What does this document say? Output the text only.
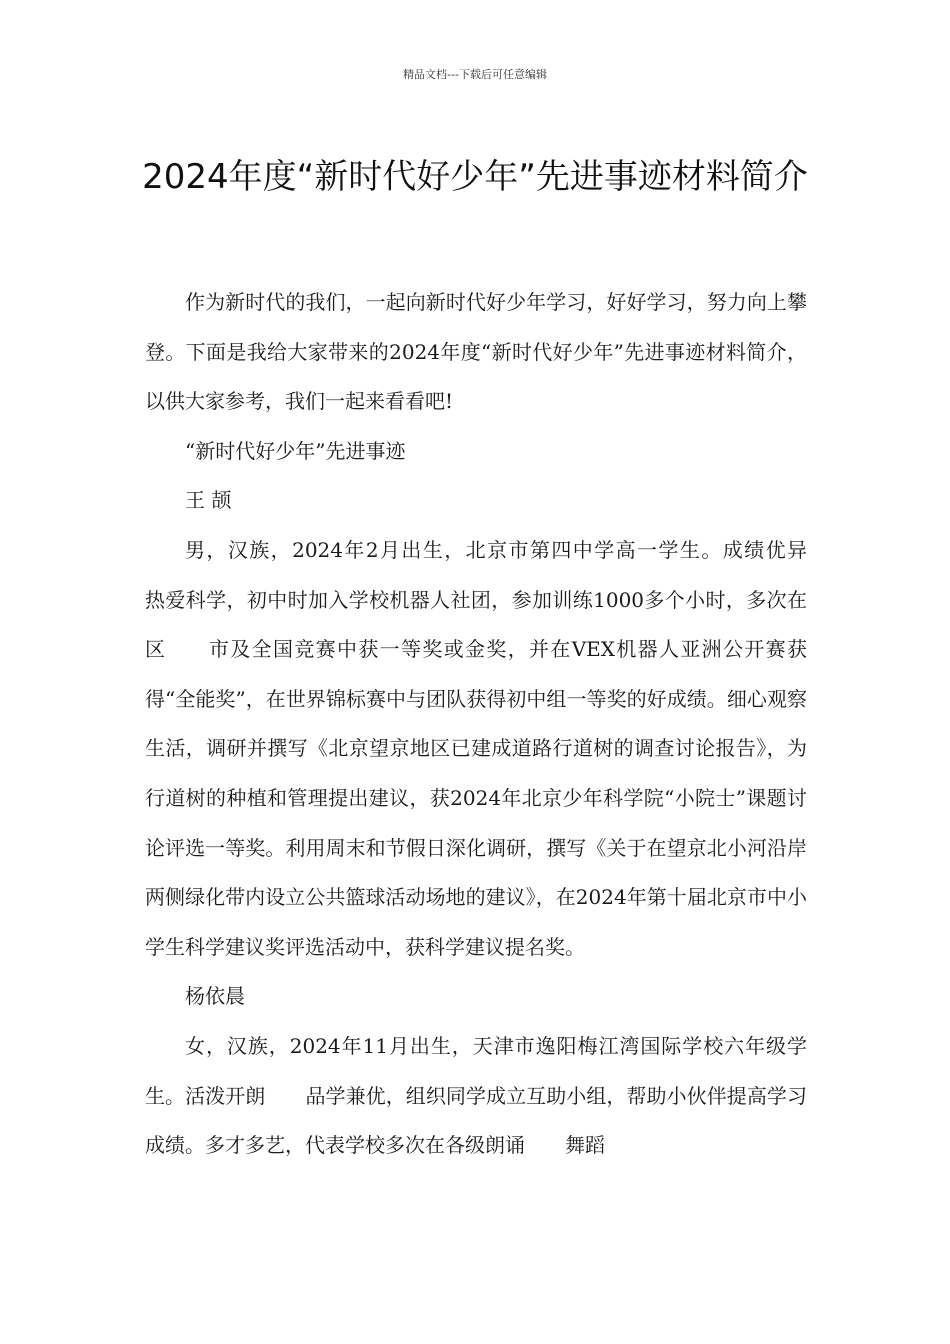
精品文档---下载后可任意编辑
2024年度“新时代好少年”先进事迹材料简介

作为新时代的我们，一起向新时代好少年学习，好好学习，努力向上攀登。下面是我给大家带来的2024年度“新时代好少年”先进事迹材料简介，以供大家参考，我们一起来看看吧!

“新时代好少年”先进事迹

王 颉

男，汉族，2024年2月出生，北京市第四中学高一学生。成绩优异　　热爱科学，初中时加入学校机器人社团，参加训练1000多个小时，多次在区　　市及全国竞赛中获一等奖或金奖，并在VEX机器人亚洲公开赛获得“全能奖”，在世界锦标赛中与团队获得初中组一等奖的好成绩。细心观察生活，调研并撰写《北京望京地区已建成道路行道树的调查讨论报告》，为行道树的种植和管理提出建议，获2024年北京少年科学院“小院士”课题讨论评选一等奖。利用周末和节假日深化调研，撰写《关于在望京北小河沿岸两侧绿化带内设立公共篮球活动场地的建议》，在2024年第十届北京市中小学生科学建议奖评选活动中，获科学建议提名奖。

杨依晨

女，汉族，2024年11月出生，天津市逸阳梅江湾国际学校六年级学生。活泼开朗　　品学兼优，组织同学成立互助小组，帮助小伙伴提高学习成绩。多才多艺，代表学校多次在各级朗诵　　舞蹈
